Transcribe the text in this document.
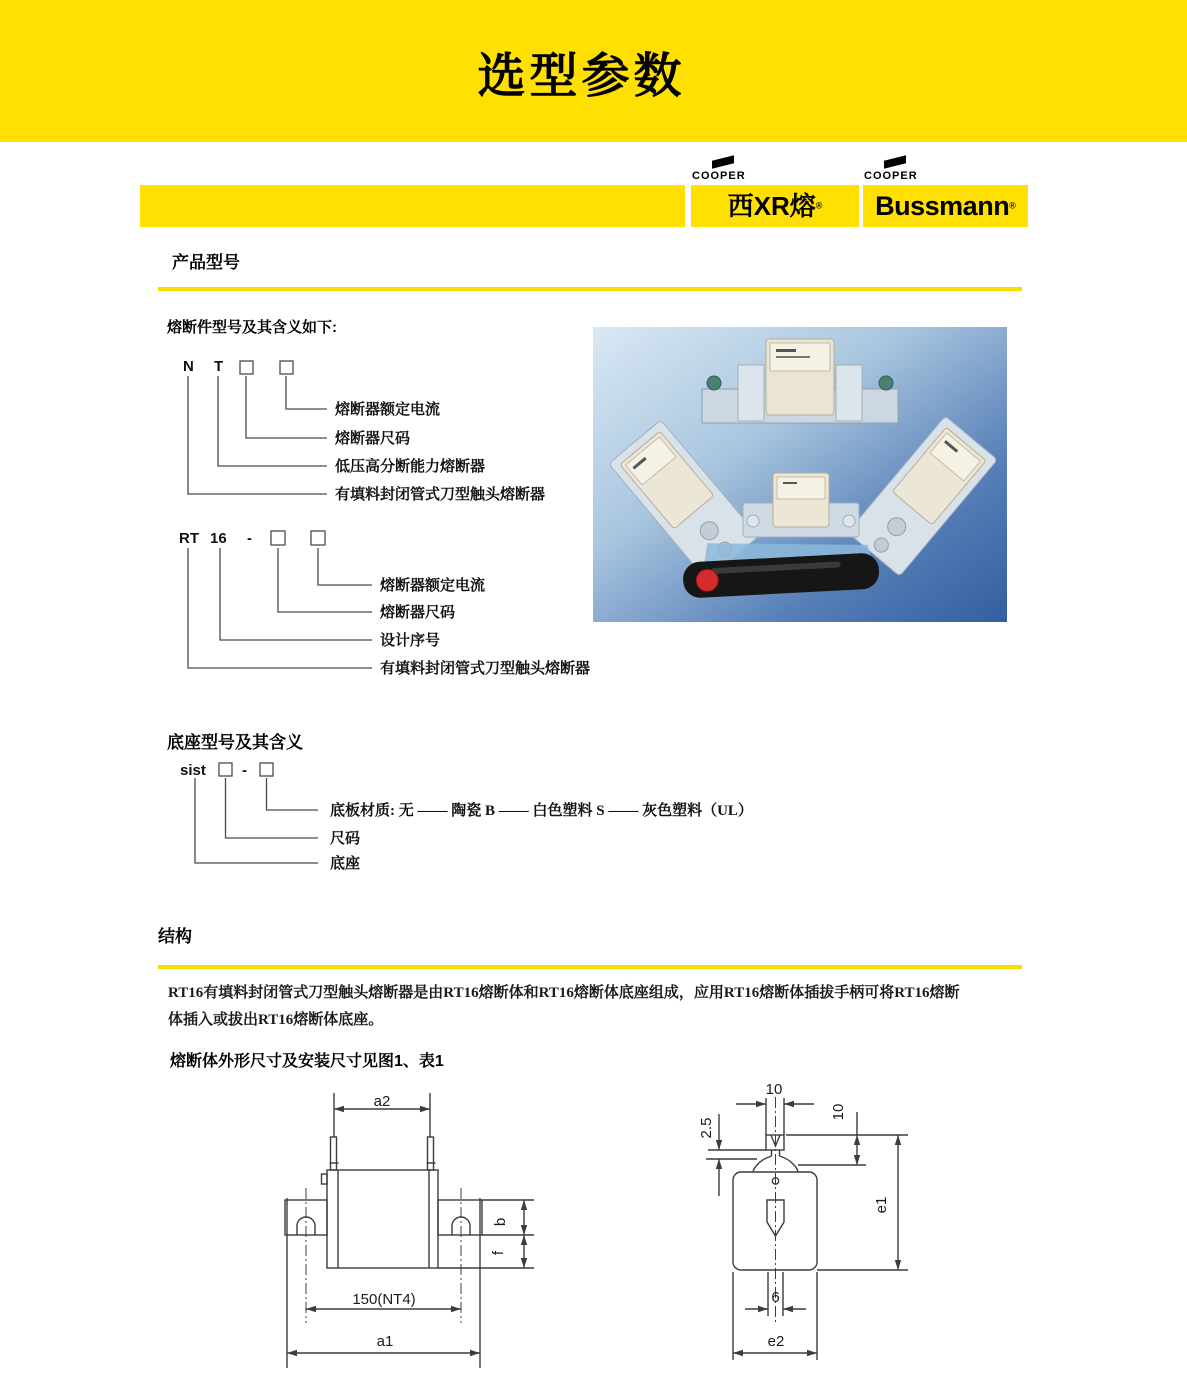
选型参数
COOPER
西XR熔®
COOPER
Bussmann®
产品型号
熔断件型号及其含义如下:
N T
熔断器额定电流
熔断器尺码
低压高分断能力熔断器
有填料封闭管式刀型触头熔断器
RT 16 -
熔断器额定电流
熔断器尺码
设计序号
有填料封闭管式刀型触头熔断器
底座型号及其含义
sist -
底板材质: 无 —— 陶瓷 B —— 白色塑料 S —— 灰色塑料（UL）
尺码
底座
结构
RT16有填料封闭管式刀型触头熔断器是由RT16熔断体和RT16熔断体底座组成，应用RT16熔断体插拔手柄可将RT16熔断
体插入或拔出RT16熔断体底座。
熔断体外形尺寸及安装尺寸见图1、表1
a2
b
f
150(NT4)
a1
10
2.5
10
e1
6
e2
